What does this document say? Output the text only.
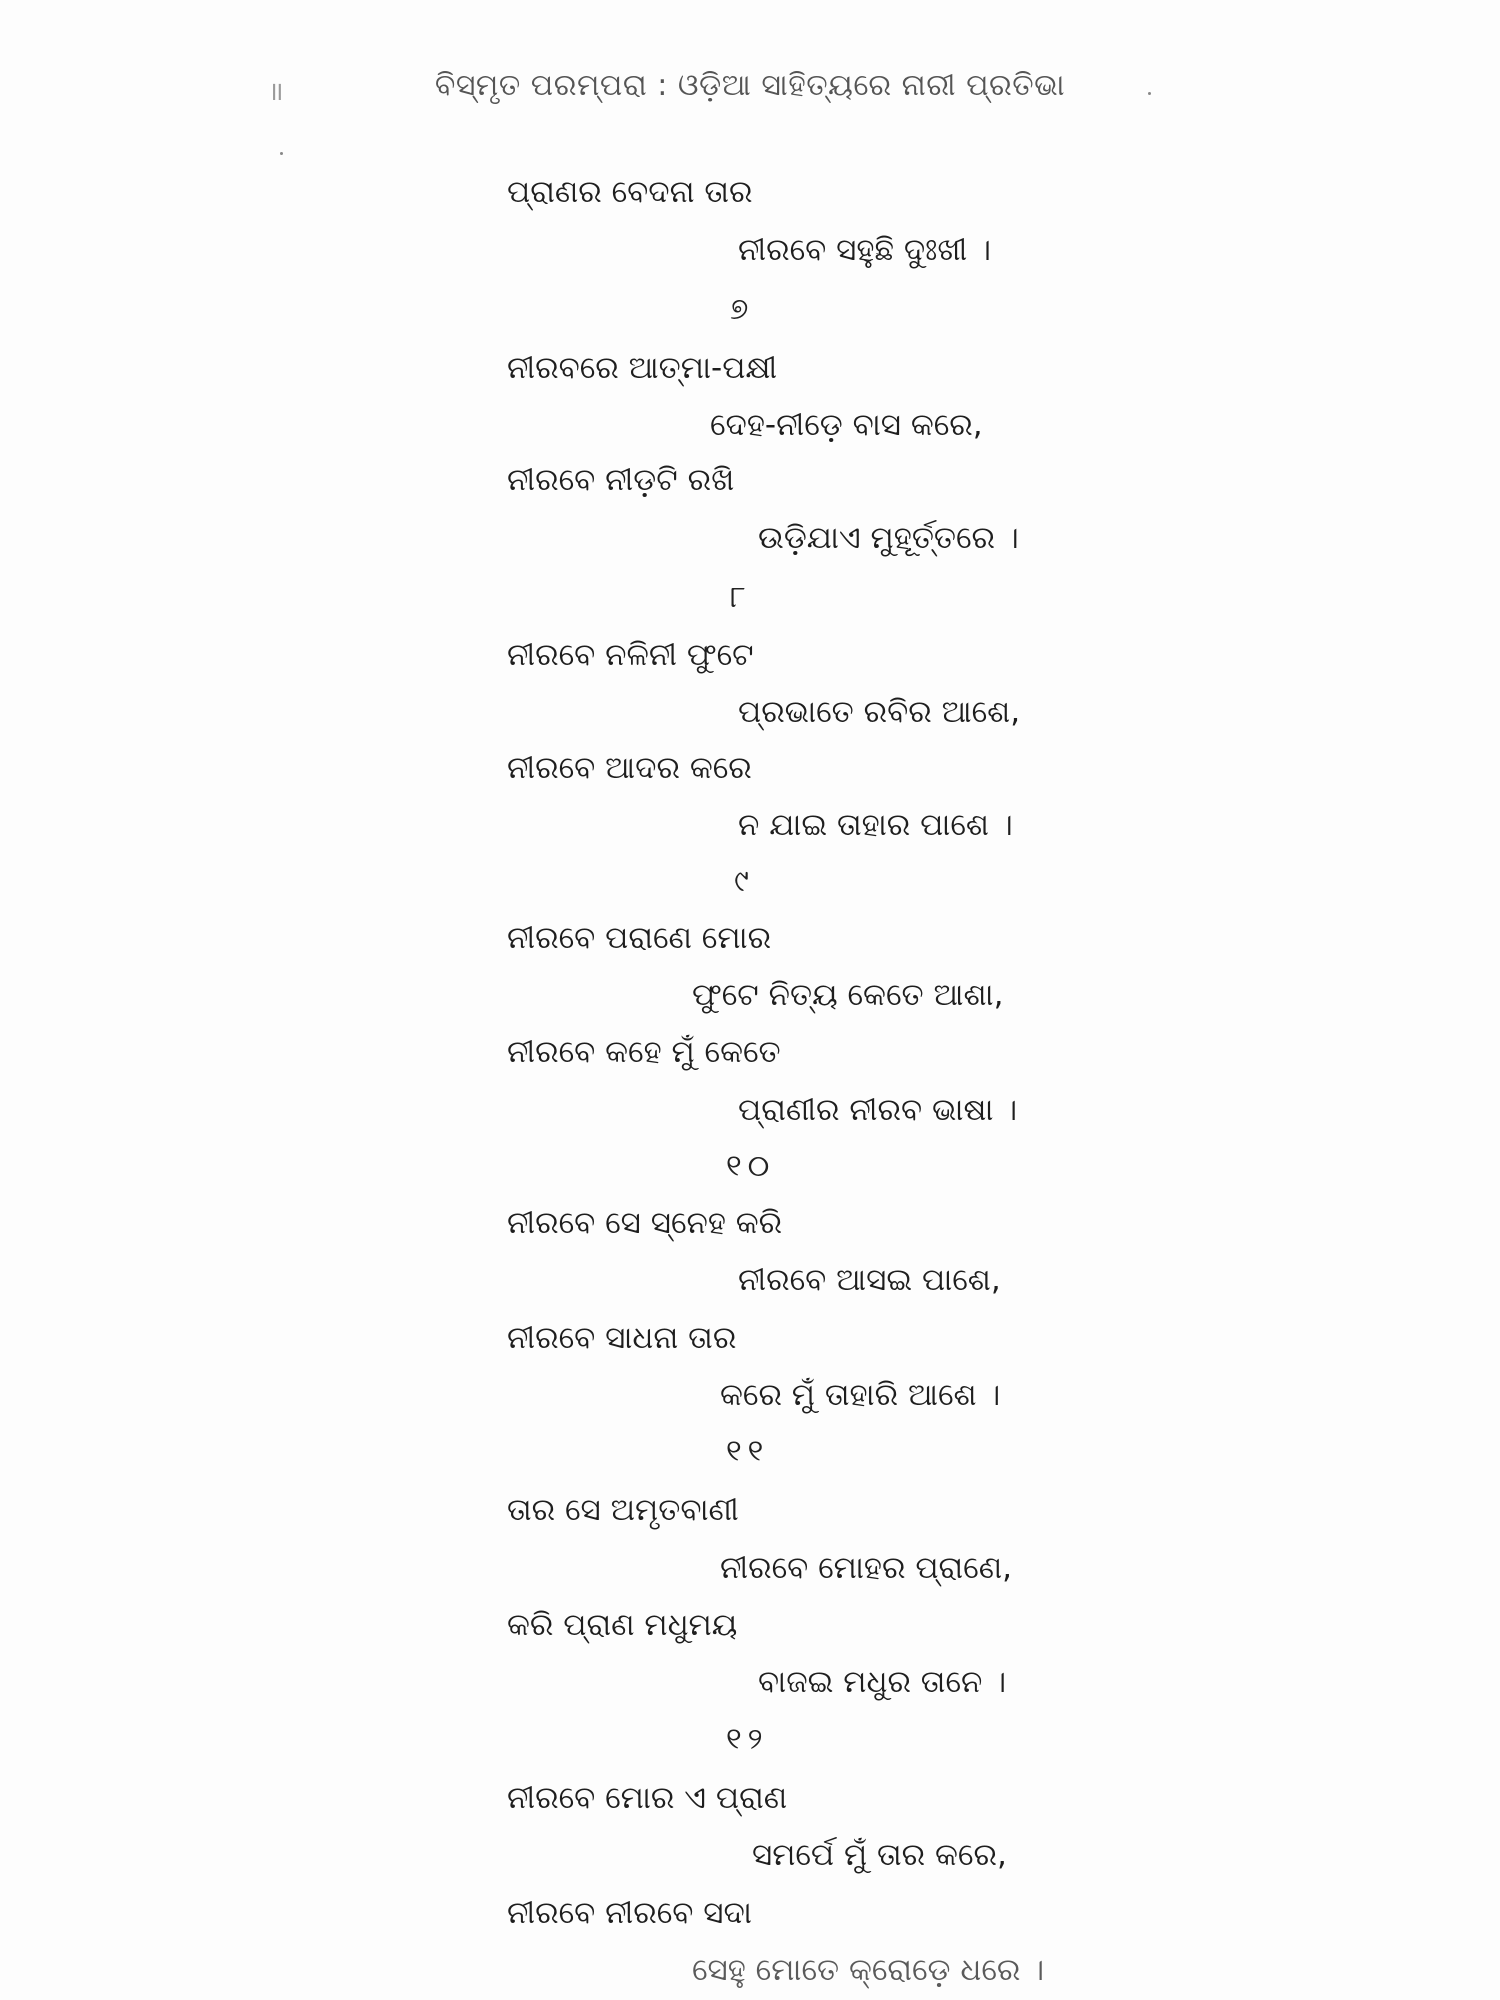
॥	ବିସ୍ମୃତ ପରମ୍ପରା : ଓଡ଼ିଆ ସାହିତ୍ୟରେ ନାରୀ ପ୍ରତିଭା
ପ୍ରାଣର ବେଦନା ତାର
ନୀରବେ ସହୁଛି ଦୁଃଖୀ ।
୭
ନୀରବରେ ଆତ୍ମା-ପକ୍ଷୀ
ଦେହ-ନୀଡ଼େ ବାସ କରେ,
ନୀରବେ ନୀଡ଼ଟି ରଖି
ଉଡ଼ିଯାଏ ମୁହୂର୍ତ୍ତରେ ।
୮
ନୀରବେ ନଳିନୀ ଫୁଟେ
ପ୍ରଭାତେ ରବିର ଆଶେ,
ନୀରବେ ଆଦର କରେ
ନ ଯାଇ ତାହାର ପାଶେ ।
୯
ନୀରବେ ପରାଣେ ମୋର
ଫୁଟେ ନିତ୍ୟ କେତେ ଆଶା,
ନୀରବେ କହେ ମୁଁ କେତେ
ପ୍ରାଣୀର ନୀରବ ଭାଷା ।
୧୦
ନୀରବେ ସେ ସ୍ନେହ କରି
ନୀରବେ ଆସଇ ପାଶେ,
ନୀରବେ ସାଧନା ତାର
କରେ ମୁଁ ତାହାରି ଆଶେ ।
୧୧
ତାର ସେ ଅମୃତବାଣୀ
ନୀରବେ ମୋହର ପ୍ରାଣେ,
କରି ପ୍ରାଣ ମଧୁମୟ
ବାଜଇ ମଧୁର ତାନେ ।
୧୨
ନୀରବେ ମୋର ଏ ପ୍ରାଣ
ସମର୍ପେ ମୁଁ ତାର କରେ,
ନୀରବେ ନୀରବେ ସଦା
ସେହୁ ମୋତେ କ୍ରୋଡ଼େ ଧରେ ।
